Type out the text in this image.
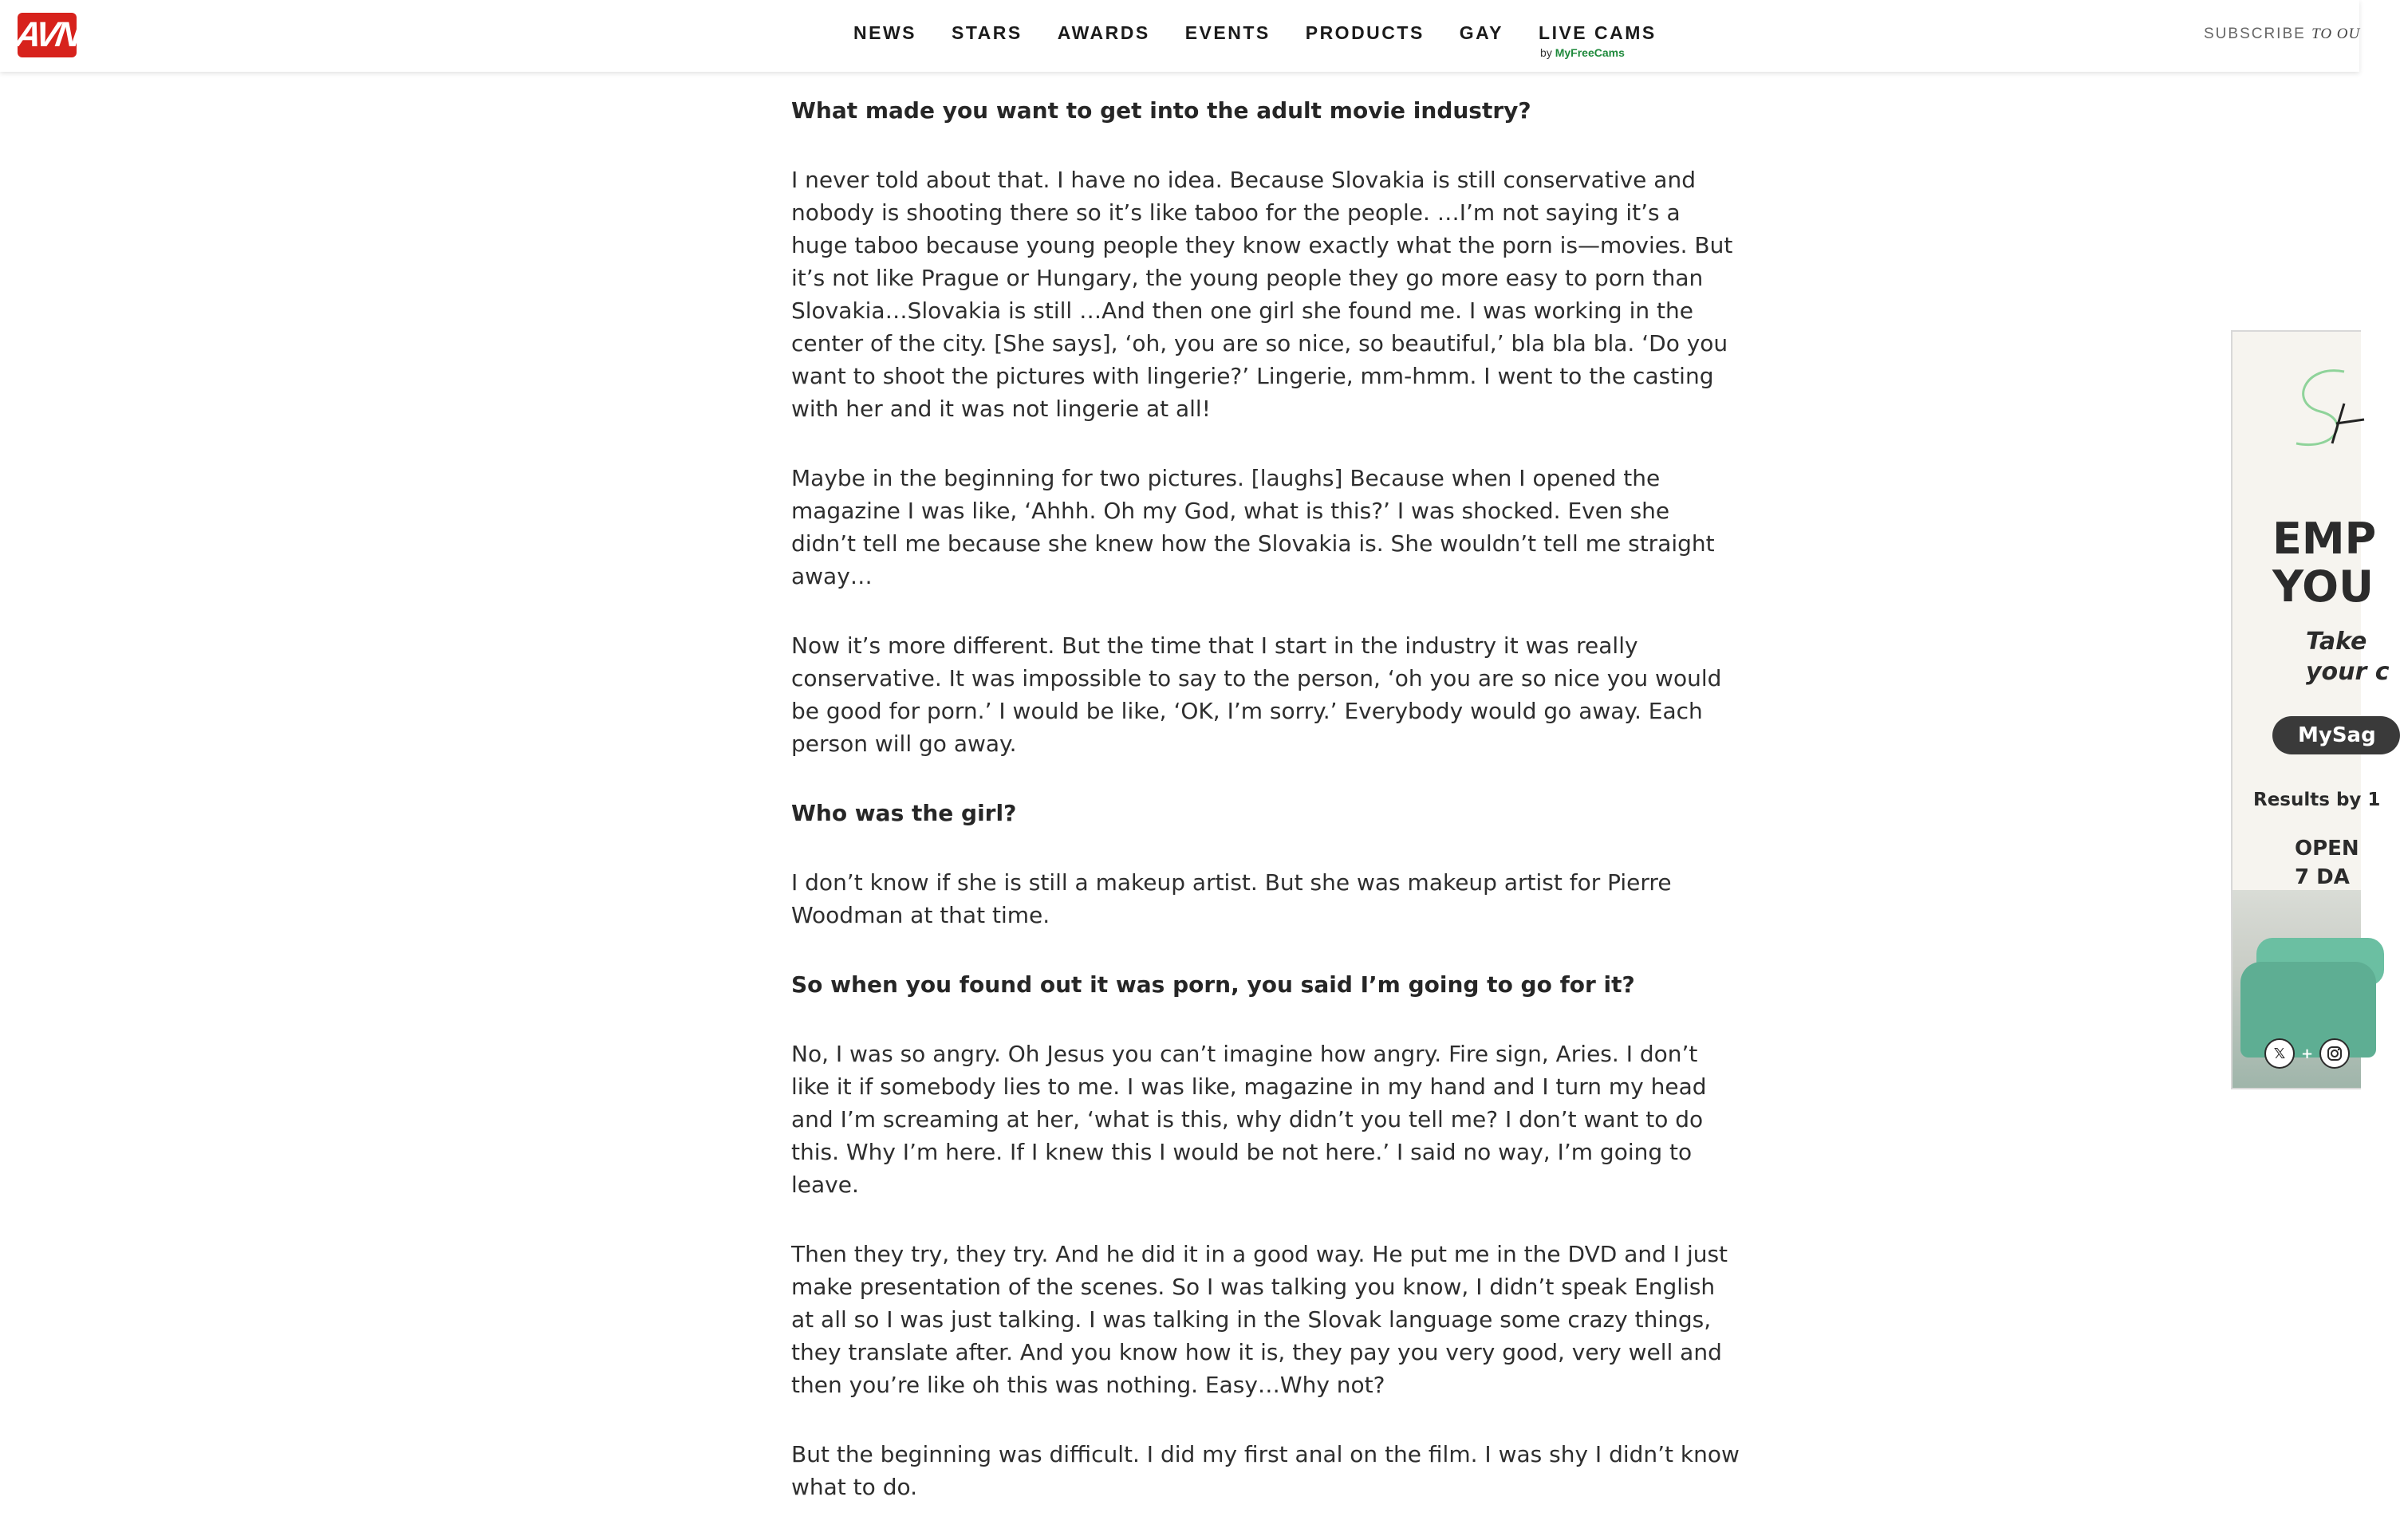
AVN	NEWS STARS AWARDS EVENTS PRODUCTS GAY LIVE CAMS
by MyFreeCams
SUBSCRIBE TO OU

What made you want to get into the adult movie industry?

I never told about that. I have no idea. Because Slovakia is still conservative and nobody is shooting there so it’s like taboo for the people. …I’m not saying it’s a huge taboo because young people they know exactly what the porn is—movies. But it’s not like Prague or Hungary, the young people they go more easy to porn than Slovakia…Slovakia is still …And then one girl she found me. I was working in the center of the city. [She says], ‘oh, you are so nice, so beautiful,’ bla bla bla. ‘Do you want to shoot the pictures with lingerie?’ Lingerie, mm-hmm. I went to the casting with her and it was not lingerie at all!

Maybe in the beginning for two pictures. [laughs] Because when I opened the magazine I was like, ‘Ahhh. Oh my God, what is this?’ I was shocked. Even she didn’t tell me because she knew how the Slovakia is. She wouldn’t tell me straight away…

Now it’s more different. But the time that I start in the industry it was really conservative. It was impossible to say to the person, ‘oh you are so nice you would be good for porn.’ I would be like, ‘OK, I’m sorry.’ Everybody would go away. Each person will go away.

Who was the girl?

I don’t know if she is still a makeup artist. But she was makeup artist for Pierre Woodman at that time.

So when you found out it was porn, you said I’m going to go for it?

No, I was so angry. Oh Jesus you can’t imagine how angry. Fire sign, Aries. I don’t like it if somebody lies to me. I was like, magazine in my hand and I turn my head and I’m screaming at her, ‘what is this, why didn’t you tell me? I don’t want to do this. Why I’m here. If I knew this I would be not here.’ I said no way, I’m going to leave.

Then they try, they try. And he did it in a good way. He put me in the DVD and I just make presentation of the scenes. So I was talking you know, I didn’t speak English at all so I was just talking. I was talking in the Slovak language some crazy things, they translate after. And you know how it is, they pay you very good, very well and then you’re like oh this was nothing. Easy…Why not?

But the beginning was difficult. I did my first anal on the film. I was shy I didn’t know what to do.

EMP
YOU
Take
your c
MySag
Results by 1
OPEN
7 DA
𝕏	+
